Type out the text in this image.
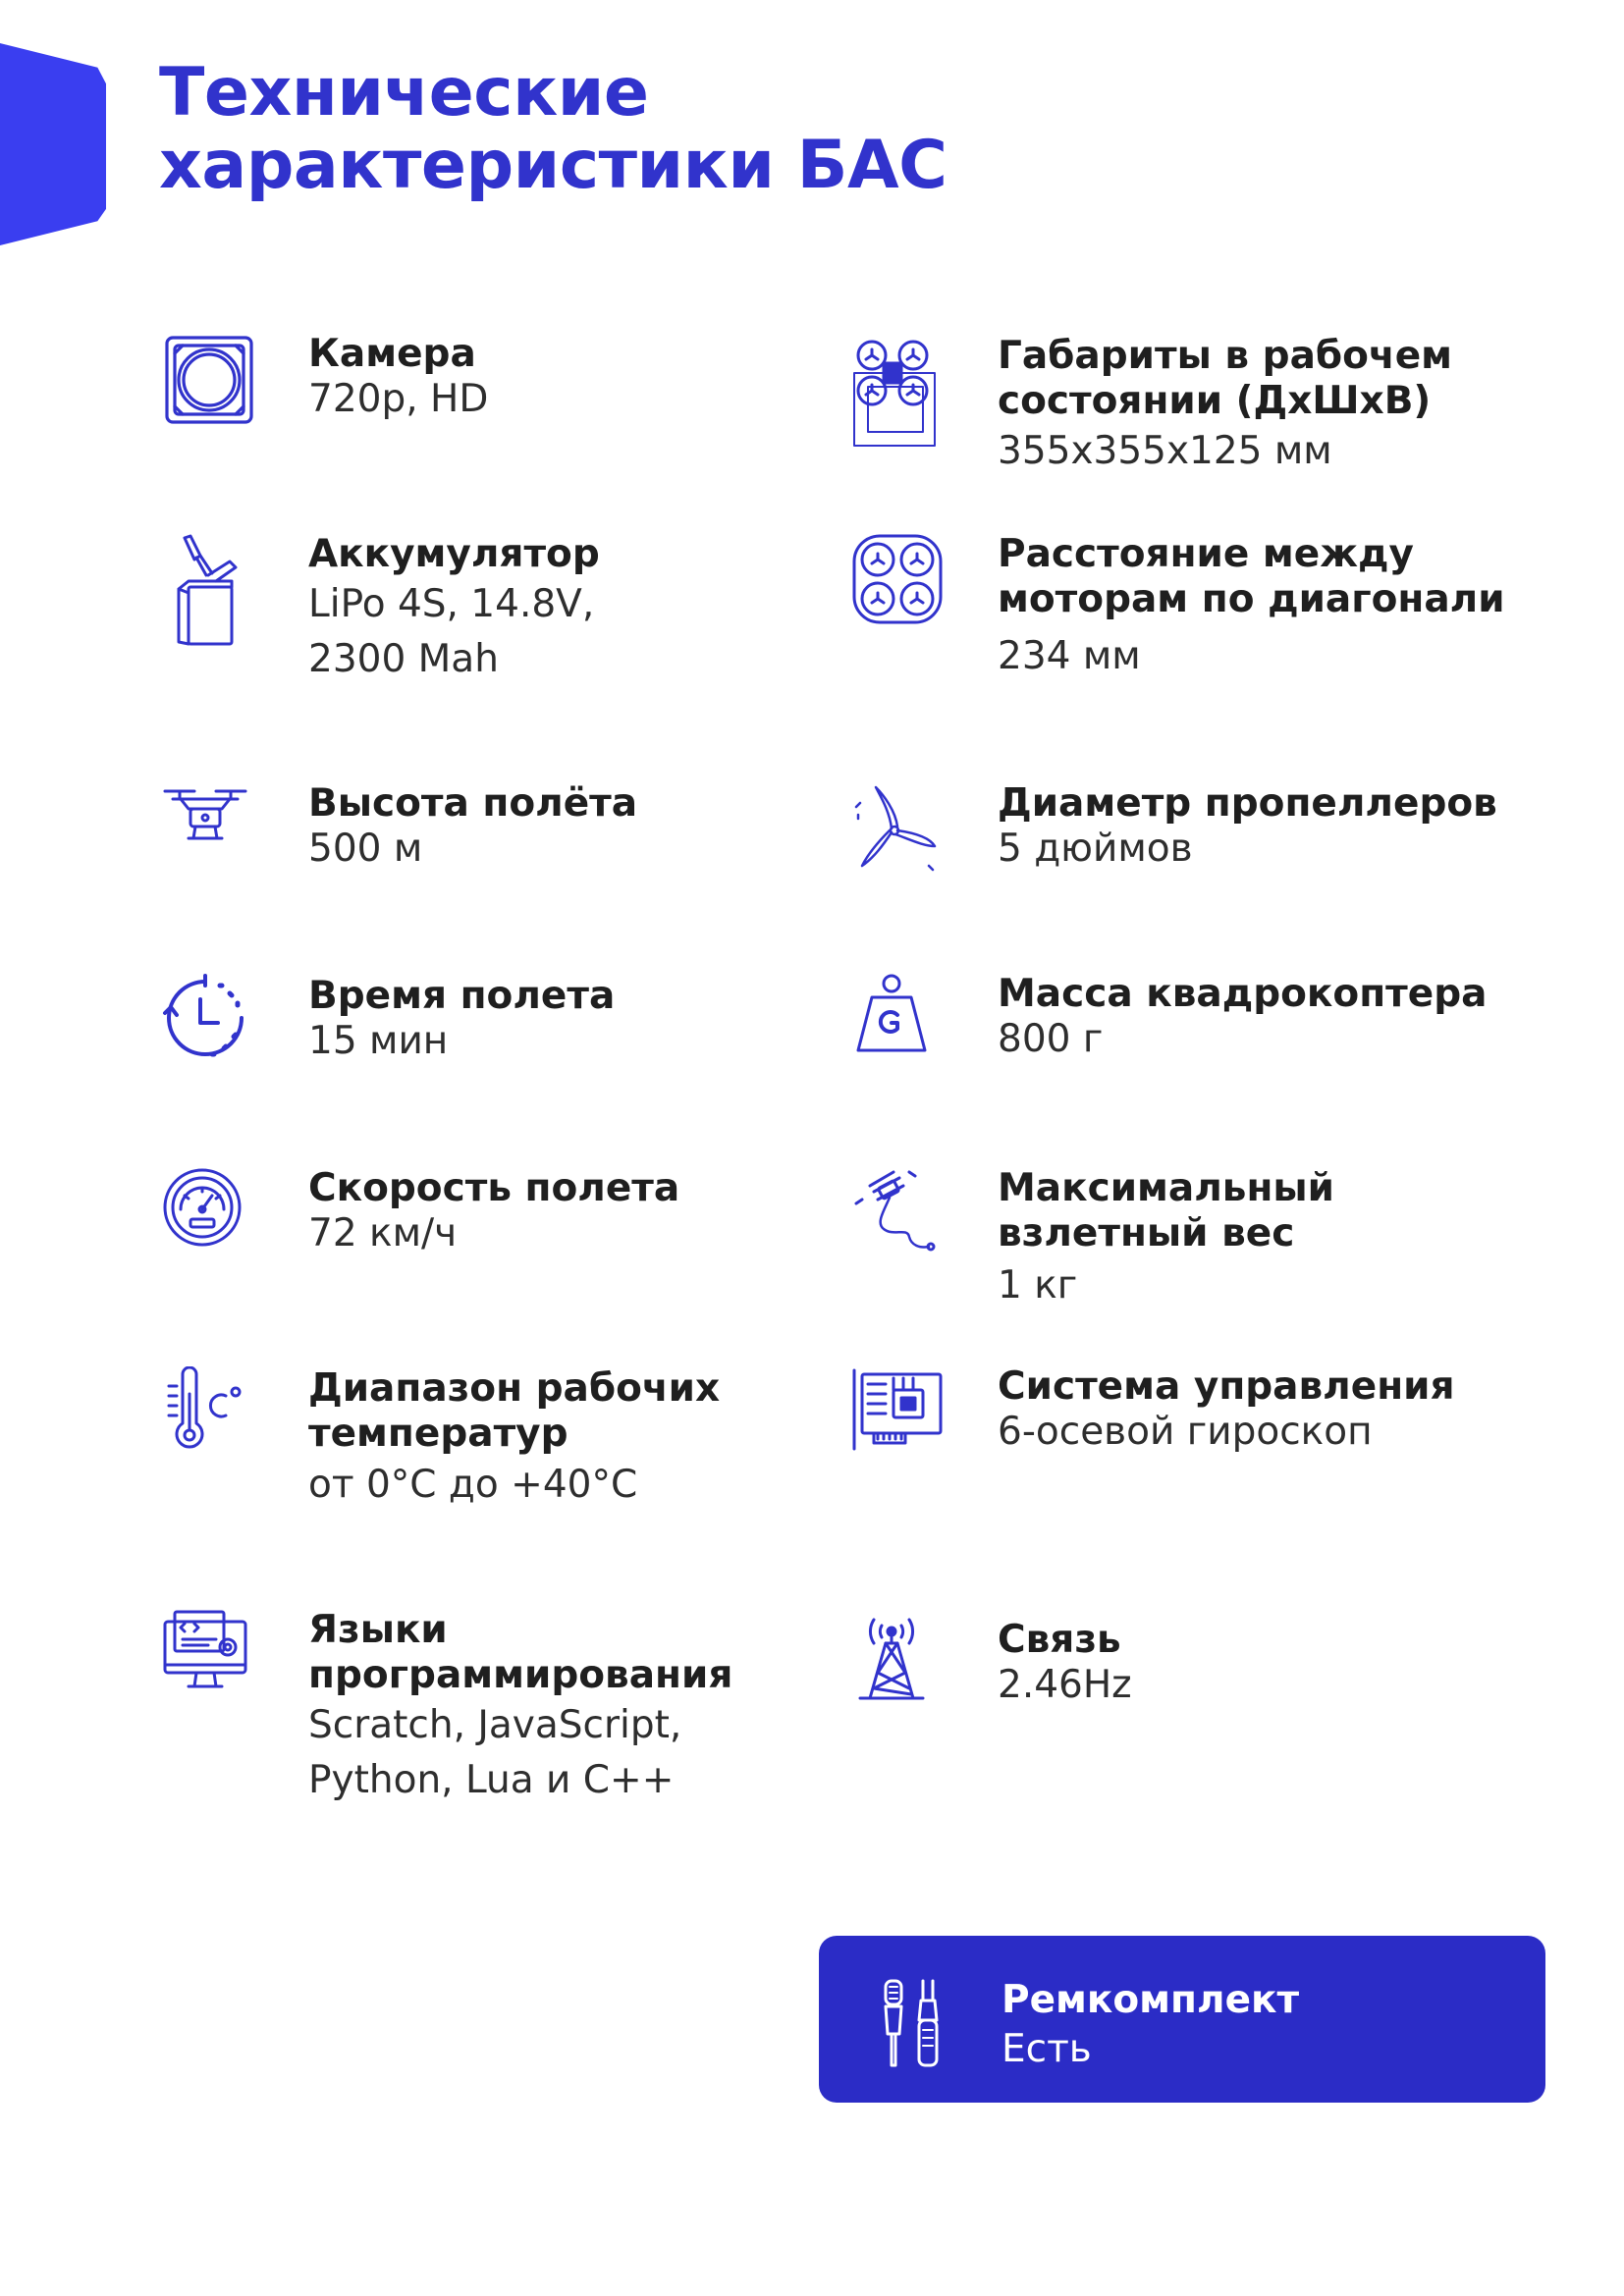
Технические
характеристики БАС

Камера

720p, HD

Аккумулятор

LiPo 4S, 14.8V,
2300 Mah

Высота полёта

500 м

Время полета

15 мин

Скорость полета

72 км/ч

Диапазон рабочих
температур

от 0°C до +40°C

Языки
программирования

Scratch, JavaScript,
Python, Lua и С++

Габариты в рабочем
состоянии (ДхШхВ)

355x355x125 мм

Расстояние между
моторам по диагонали

234 мм

Диаметр пропеллеров

5 дюймов

Масса квадрокоптера

800 г

Максимальный
взлетный вес

1 кг

Система управления

6-осевой гироскоп

Связь

2.46Hz

Ремкомплект

Есть
